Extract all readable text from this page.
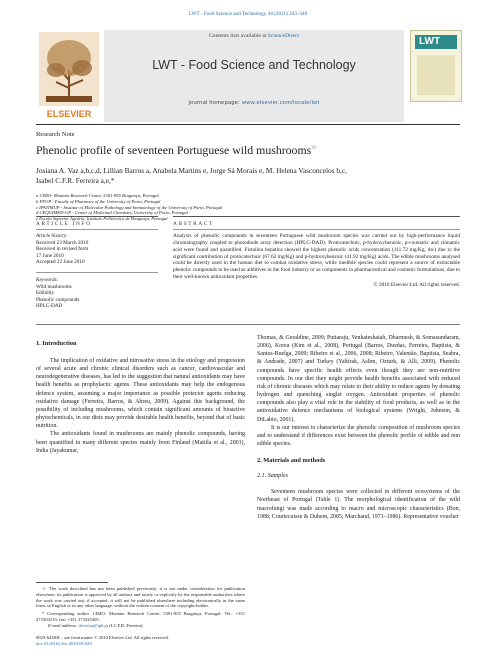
LWT - Food Science and Technology 44 (2011) 343–346
ELSEVIER
Contents lists available at ScienceDirect
LWT - Food Science and Technology
journal homepage: www.elsevier.com/locate/lwt
LWT
Research Note
Phenolic profile of seventeen Portuguese wild mushrooms☆
Josiana A. Vaz a,b,c,d, Lillian Barros a, Anabela Martins e, Jorge Sá Morais e, M. Helena Vasconcelos b,c,
Isabel C.F.R. Ferreira a,e,*
a CIMO- Montain Research Centre, 5301-855 Bragança, Portugal
b FFUP - Faculty of Pharmacy of the University of Porto, Portugal
c IPATIMUP - Institute of Molecular Pathology and Immunology of the University of Porto, Portugal
d CEQUIMED-UP - Center of Medicinal Chemistry, University of Porto, Portugal
e Escola Superior Agrária, Instituto Politécnico de Bragança, Portugal
ARTICLE INFO	ABSTRACT
Article history:
Received 23 March 2010
Received in revised form
17 June 2010
Accepted 22 June 2010
Keywords:
Wild mushrooms
Edibility
Phenolic compounds
HPLC-DAD
Analysis of phenolic compounds in seventeen Portuguese wild mushroom species was carried out by high-performance liquid chromatography coupled to photodiode array detection (HPLC-DAD). Protocatechuic, p-hydroxybenzoic, p-coumaric and cinnamic acid were found and quantified. Fistulina hepatica showed the highest phenolic acids concentration (111.72 mg/Kg, dw) due to the significant contribution of protocatechuic (67.62 mg/Kg) and p-hydroxybenzoic (41.92 mg/Kg) acids. The edible mushrooms analysed could be directly used in the human diet to combat oxidative stress, while inedible species could represent a source of extractable phenolic compounds to be used as additives in the food industry or as components in pharmaceutical and cosmetic formulations, due to their well-known antioxidant properties.
© 2010 Elsevier Ltd. All rights reserved.
1. Introduction

The implication of oxidative and nitrosative stress in the etiology and progression of several acute and chronic clinical disorders such as cancer, cardiovascular and neurodegenerative diseases, has led to the suggestion that natural antioxidants may have health benefits as prophylactic agents. These antioxidants may help the endogenous defence system, assuming a major importance as possible protector agents reducing oxidative damage (Ferreira, Barros, & Abreu, 2009). Against this background, the possibility of including mushrooms, which contain significant amounts of bioactive phytochemicals, in our diets may provide desirable health benefits, beyond that of basic nutrition.

The antioxidants found in mushrooms are mainly phenolic compounds, having been quantified in many different species mainly from Finland (Mattila et al., 2001), India (Jayakumar,

☆ The work described has not been published previously; it is not under consideration for publication elsewhere; its publication is approved by all authors and tacitly or explicitly by the responsible authorities where the work was carried out; if accepted, it will not be published elsewhere including electronically in the same form, in English or in any other language, without the written consent of the copyright-holder.
* Corresponding author. CIMO- Montain Research Centre, 5301-855 Bragança, Portugal. Tel.: +351 273303219; fax: +351 273325405.
E-mail address: iferreira@ipb.pt (I.C.F.R. Ferreira).

Thomas, & Geraldine, 2009; Puttaraju, Venkateshaiah, Dharmesh, & Somasundaram, 2006), Korea (Kim et al., 2008), Portugal (Barros, Dueñas, Ferreira, Baptista, & Santos-Buelga, 2009; Ribeiro et al., 2006, 2008; Ribeiro, Valentão, Baptista, Seabra, & Andrade, 2007) and Turkey (Yaltirak, Aslim, Ozturk, & Alli, 2009). Phenolic compounds have specific health effects even though they are non-nutritive compounds. In our diet they might provide health benefits associated with reduced risk of chronic diseases which may relate to their ability to reduce agents by donating hydrogen and quenching singlet oxygen. Antioxidant properties of phenolic compounds also play a vital role in the stability of food products, as well as in the antioxidative defence mechanisms of biological systems (Wright, Johnson, & DiLabio, 2001).

It is our interest to characterize the phenolic composition of mushroom species and to understand if differences exist between the phenolic profile of edible and non edible species.

2. Materials and methods
2.1. Samples

Seventeen mushroom species were collected in different ecosystems of the Northeast of Portugal (Table 1). The morphological identification of the wild macrofungi was made according to macro and microscopic characteristics (Bon, 1988; Courtecuisse & Duhem, 2005; Marchand, 1971–1986). Representative voucher

0023-6438/$ – see front matter © 2010 Elsevier Ltd. All rights reserved.
doi:10.1016/j.lwt.2010.06.029
